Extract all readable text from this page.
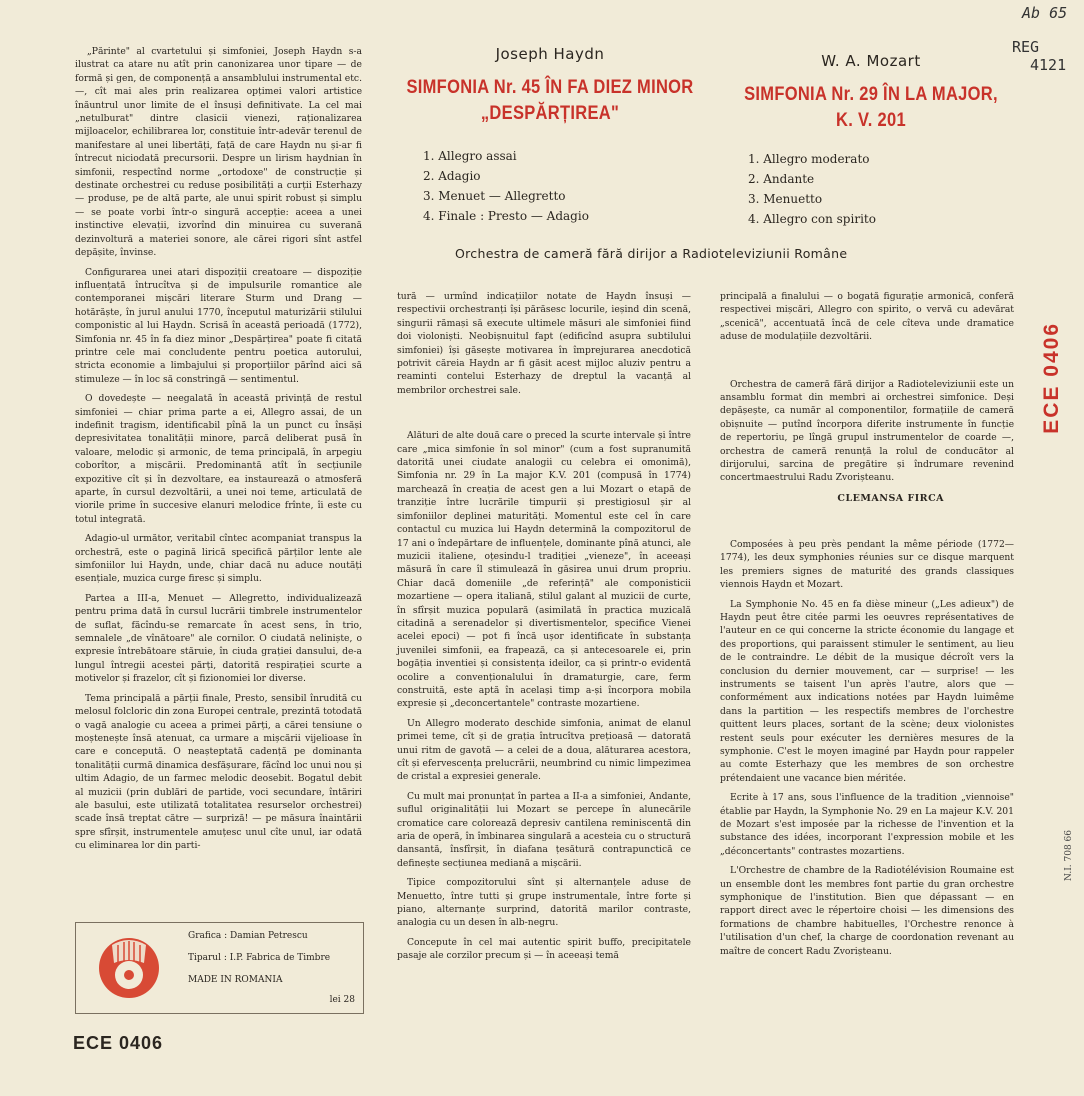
Ab 65
REG
4121
Joseph Haydn
SIMFONIA Nr. 45 ÎN FA DIEZ MINOR
„DESPĂRȚIREA"

1. Allegro assai

2. Adagio

3. Menuet — Allegretto

4. Finale : Presto — Adagio

W. A. Mozart
SIMFONIA Nr. 29 ÎN LA MAJOR,
K. V. 201

1. Allegro moderato

2. Andante

3. Menuetto

4. Allegro con spirito

Orchestra de cameră fără dirijor a Radioteleviziunii Române
ECE 0406
N.I. 708 66

„Părinte" al cvartetului și simfoniei, Joseph Haydn s-a ilustrat ca atare nu atît prin canonizarea unor tipare — de formă și gen, de componență a ansamblului instrumental etc. —, cît mai ales prin realizarea opțimei valori artistice înăuntrul unor limite de el însuși definitivate. La cel mai „netulburat" dintre clasicii vienezi, raționalizarea mijloacelor, echilibrarea lor, constituie într-adevăr terenul de manifestare al unei libertăți, față de care Haydn nu și-ar fi întrecut niciodată precursorii. Despre un lirism haydnian în simfonii, respectînd norme „ortodoxe" de construcție și destinate orchestrei cu reduse posibilități a curții Esterhazy — produse, pe de altă parte, ale unui spirit robust și simplu — se poate vorbi într-o singură accepție: aceea a unei instinctive elevații, izvorînd din minuirea cu suverană dezinvoltură a materiei sonore, ale cărei rigori sînt astfel depășite, învinse.

Configurarea unei atari dispoziții creatoare — dispoziție influențată întrucîtva și de impulsurile romantice ale contemporanei mișcări literare Sturm und Drang — hotărăște, în jurul anului 1770, începutul maturizării stilului componistic al lui Haydn. Scrisă în această perioadă (1772), Simfonia nr. 45 în fa diez minor „Despărțirea" poate fi citată printre cele mai concludente pentru poetica autorului, stricta economie a limbajului și proporțiilor părînd aici să stimuleze — în loc să constringă — sentimentul.

O dovedește — neegalată în această privință de restul simfoniei — chiar prima parte a ei, Allegro assai, de un indefinit tragism, identificabil pînă la un punct cu însăși depresivitatea tonalității minore, parcă deliberat pusă în valoare, melodic și armonic, de tema principală, în arpegiu coborîtor, a mișcării. Predominantă atît în secțiunile expozitive cît și în dezvoltare, ea instaurează o atmosferă aparte, în cursul dezvoltării, a unei noi teme, articulată de viorile prime în succesive elanuri melodice frînte, îi este cu totul integrată.

Adagio-ul următor, veritabil cîntec acompaniat transpus la orchestră, este o pagină lirică specifică părților lente ale simfoniilor lui Haydn, unde, chiar dacă nu aduce noutăți esențiale, muzica curge firesc și simplu.

Partea a III-a, Menuet — Allegretto, individualizează pentru prima dată în cursul lucrării timbrele instrumentelor de suflat, făcîndu-se remarcate în acest sens, în trio, semnalele „de vînătoare" ale cornilor. O ciudată neliniște, o expresie întrebătoare stăruie, în ciuda grației dansului, de-a lungul întregii acestei părți, datorită respirației scurte a motivelor și frazelor, cît și fizionomiei lor diverse.

Tema principală a părții finale, Presto, sensibil înrudită cu melosul folcloric din zona Europei centrale, prezintă totodată o vagă analogie cu aceea a primei părți, a cărei tensiune o moștenește însă atenuat, ca urmare a mișcării vijelioase în care e concepută. O neașteptată cadență pe dominanta tonalității curmă dinamica desfășurare, făcînd loc unui nou și ultim Adagio, de un farmec melodic deosebit. Bogatul debit al muzicii (prin dublări de partide, voci secundare, întăriri ale basului, este utilizată totalitatea resurselor orchestrei) scade însă treptat către — surpriză! — pe măsura înaintării spre sfîrșit, instrumentele amuțesc unul cîte unul, iar odată cu eliminarea lor din parti-

tură — urmînd indicațiilor notate de Haydn însuși — respectivii orchestranți își părăsesc locurile, ieșind din scenă, singurii rămași să execute ultimele măsuri ale simfoniei fiind doi violoniști. Neobișnuitul fapt (edificînd asupra subtilului simfoniei) își găsește motivarea în împrejurarea anecdotică potrivit căreia Haydn ar fi găsit acest mijloc aluziv pentru a reaminti contelui Esterhazy de dreptul la vacanță al membrilor orchestrei sale.

Alături de alte două care o preced la scurte intervale și între care „mica simfonie în sol minor" (cum a fost supranumită datorită unei ciudate analogii cu celebra ei omonimă), Simfonia nr. 29 în La major K.V. 201 (compusă în 1774) marchează în creația de acest gen a lui Mozart o etapă de tranziție între lucrările timpurii și prestigiosul șir al simfoniilor deplinei maturități. Momentul este cel în care contactul cu muzica lui Haydn determină la compozitorul de 17 ani o îndepărtare de influențele, dominante pînă atunci, ale muzicii italiene, oțesindu-l tradiției „vieneze", în aceeași măsură în care îl stimulează în găsirea unui drum propriu. Chiar dacă domeniile „de referință" ale componisticii mozartiene — opera italiană, stilul galant al muzicii de curte, în sfîrșit muzica populară (asimilată în practica muzicală citadină a serenadelor și divertismentelor, specifice Vienei acelei epoci) — pot fi încă ușor identificate în substanța juvenilei simfonii, ea frapează, ca și antecesoarele ei, prin bogăția inventiei și consistența ideilor, ca și printr-o evidentă ocolire a convenționalului în dramaturgie, care, ferm construită, este aptă în același timp a-și încorpora mobila expresie și „deconcertantele" contraste mozartiene.

Un Allegro moderato deschide simfonia, animat de elanul primei teme, cît și de grația întrucîtva prețioasă — datorată unui ritm de gavotă — a celei de a doua, alăturarea acestora, cît și efervescența prelucrării, neumbrind cu nimic limpezimea de cristal a expresiei generale.

Cu mult mai pronunțat în partea a II-a a simfoniei, Andante, suflul originalității lui Mozart se percepe în alunecările cromatice care colorează depresiv cantilena reminiscentă din aria de operă, în îmbinarea singulară a acesteia cu o structură dansantă, însfîrșit, în diafana țesătură contrapunctică ce definește secțiunea mediană a mișcării.

Tipice compozitorului sînt și alternanțele aduse de Menuetto, între tutti și grupe instrumentale, între forte și piano, alternanțe surprind, datorită marilor contraste, analogia cu un desen în alb-negru.

Concepute în cel mai autentic spirit buffo, precipitatele pasaje ale corzilor precum și — în aceeași temă

principală a finalului — o bogată figurație armonică, conferă respectivei mișcări, Allegro con spirito, o vervă cu adevărat „scenică", accentuată încă de cele cîteva unde dramatice aduse de modulațiile dezvoltării.

Orchestra de cameră fără dirijor a Radioteleviziunii este un ansamblu format din membri ai orchestrei simfonice. Deși depășește, ca număr al componentilor, formațiile de cameră obișnuite — putînd încorpora diferite instrumente în funcție de repertoriu, pe lîngă grupul instrumentelor de coarde —, orchestra de cameră renunță la rolul de conducător al dirijorului, sarcina de pregătire și îndrumare revenind concertmaestrului Radu Zvorișteanu.

CLEMANSA FIRCA

Composées à peu près pendant la même période (1772—1774), les deux symphonies réunies sur ce disque marquent les premiers signes de maturité des grands classiques viennois Haydn et Mozart.

La Symphonie No. 45 en fa dièse mineur („Les adieux") de Haydn peut être citée parmi les oeuvres représentatives de l'auteur en ce qui concerne la stricte économie du langage et des proportions, qui paraissent stimuler le sentiment, au lieu de le contraindre. Le débit de la musique décroît vers la conclusion du dernier mouvement, car — surprise! — les instruments se taisent l'un après l'autre, alors que — conformément aux indications notées par Haydn luimême dans la partition — les respectifs membres de l'orchestre quittent leurs places, sortant de la scène; deux violonistes restent seuls pour exécuter les dernières mesures de la symphonie. C'est le moyen imaginé par Haydn pour rappeler au comte Esterhazy que les membres de son orchestre prétendaient une vacance bien méritée.

Ecrite à 17 ans, sous l'influence de la tradition „viennoise" établie par Haydn, la Symphonie No. 29 en La majeur K.V. 201 de Mozart s'est imposée par la richesse de l'invention et la substance des idées, incorporant l'expression mobile et les „déconcertants" contrastes mozartiens.

L'Orchestre de chambre de la Radiotélévision Roumaine est un ensemble dont les membres font partie du gran orchestre symphonique de l'institution. Bien que dépassant — en rapport direct avec le répertoire choisi — les dimensions des formations de chambre habituelles, l'Orchestre renonce à l'utilisation d'un chef, la charge de coordonation revenant au maître de concert Radu Zvorișteanu.

Grafica : Damian Petrescu
Tiparul : I.P. Fabrica de Timbre
MADE IN ROMANIA
lei 28
ECE 0406
